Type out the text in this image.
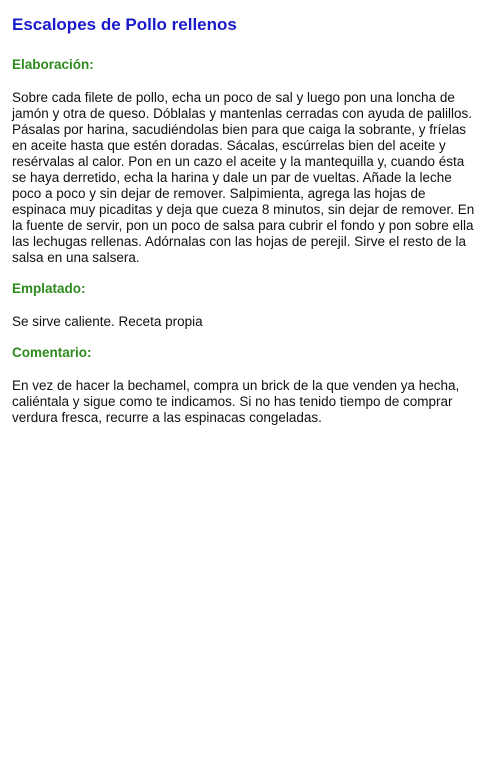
Escalopes de Pollo rellenos
Elaboración:

Sobre cada filete de pollo, echa un poco de sal y luego pon una loncha de jamón y otra de queso. Dóblalas y mantenlas cerradas con ayuda de palillos. Pásalas por harina, sacudiéndolas bien para que caiga la sobrante, y fríelas en aceite hasta que estén doradas. Sácalas, escúrrelas bien del aceite y resérvalas al calor. Pon en un cazo el aceite y la mantequilla y, cuando ésta se haya derretido, echa la harina y dale un par de vueltas. Añade la leche poco a poco y sin dejar de remover. Salpimienta, agrega las hojas de espinaca muy picaditas y deja que cueza 8 minutos, sin dejar de remover. En la fuente de servir, pon un poco de salsa para cubrir el fondo y pon sobre ella las lechugas rellenas. Adórnalas con las hojas de perejil. Sirve el resto de la salsa en una salsera.

Emplatado:

Se sirve caliente. Receta propia

Comentario:

En vez de hacer la bechamel, compra un brick de la que venden ya hecha, caliéntala y sigue como te indicamos. Si no has tenido tiempo de comprar verdura fresca, recurre a las espinacas congeladas.
